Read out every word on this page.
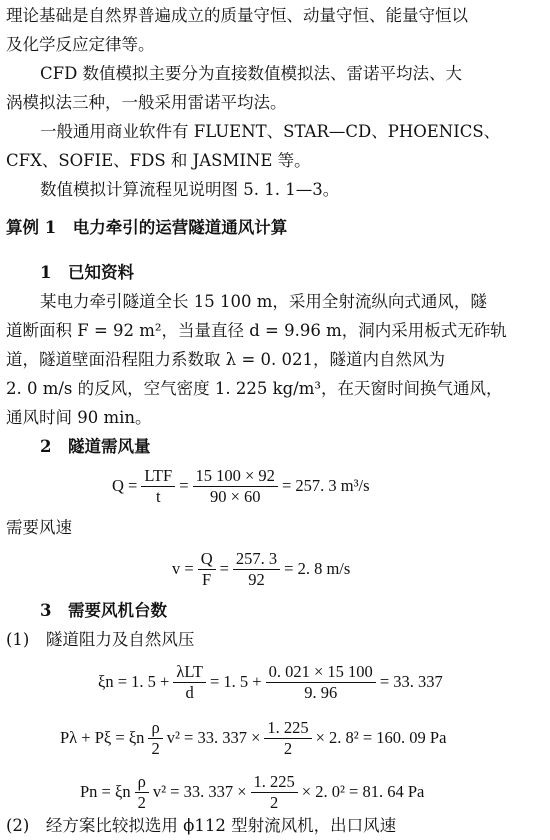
理论基础是自然界普遍成立的质量守恒、动量守恒、能量守恒以
及化学反应定律等。
CFD 数值模拟主要分为直接数值模拟法、雷诺平均法、大
涡模拟法三种，一般采用雷诺平均法。
一般通用商业软件有 FLUENT、STAR—CD、PHOENICS、
CFX、SOFIE、FDS 和 JASMINE 等。
数值模拟计算流程见说明图 5. 1. 1—3。
算例 1　电力牵引的运营隧道通风计算
1　已知资料
某电力牵引隧道全长 15 100 m，采用全射流纵向式通风，隧
道断面积 F = 92 m²，当量直径 d = 9.96 m，洞内采用板式无砟轨
道，隧道壁面沿程阻力系数取 λ = 0. 021，隧道内自然风为
2. 0 m/s 的反风，空气密度 1. 225 kg/m³，在天窗时间换气通风，
通风时间 90 min。
2　隧道需风量
$Q = \frac{\text{LTF}}{t} = \frac{15 100 \times 92}{90 \times 60} = 257$. 3 m³/s
需要风速
$v = \frac{Q}{F} = \frac{257. 3}{92} = 2$. 8 m/s
3　需要风机台数
(1)　隧道阻力及自然风压
ξn = 1. $5 + \frac{\text{λLT}}{d} = 1$. $5 + \frac{0. 021 \times 15 100}{9. 96} = 33$. 337
Pλ + Pξ = ξn $\frac{\rho}{2} v^2 = 33$. $337 \times \frac{1. 225}{2} \times 2$. 8² = 160. 09 Pa
Pn = ξn $\frac{\rho}{2} v^2 = 33$. $337 \times \frac{1. 225}{2} \times 2$. 0² = 81. 64 Pa
(2)　经方案比较拟选用 ϕ112 型射流风机，出口风速
